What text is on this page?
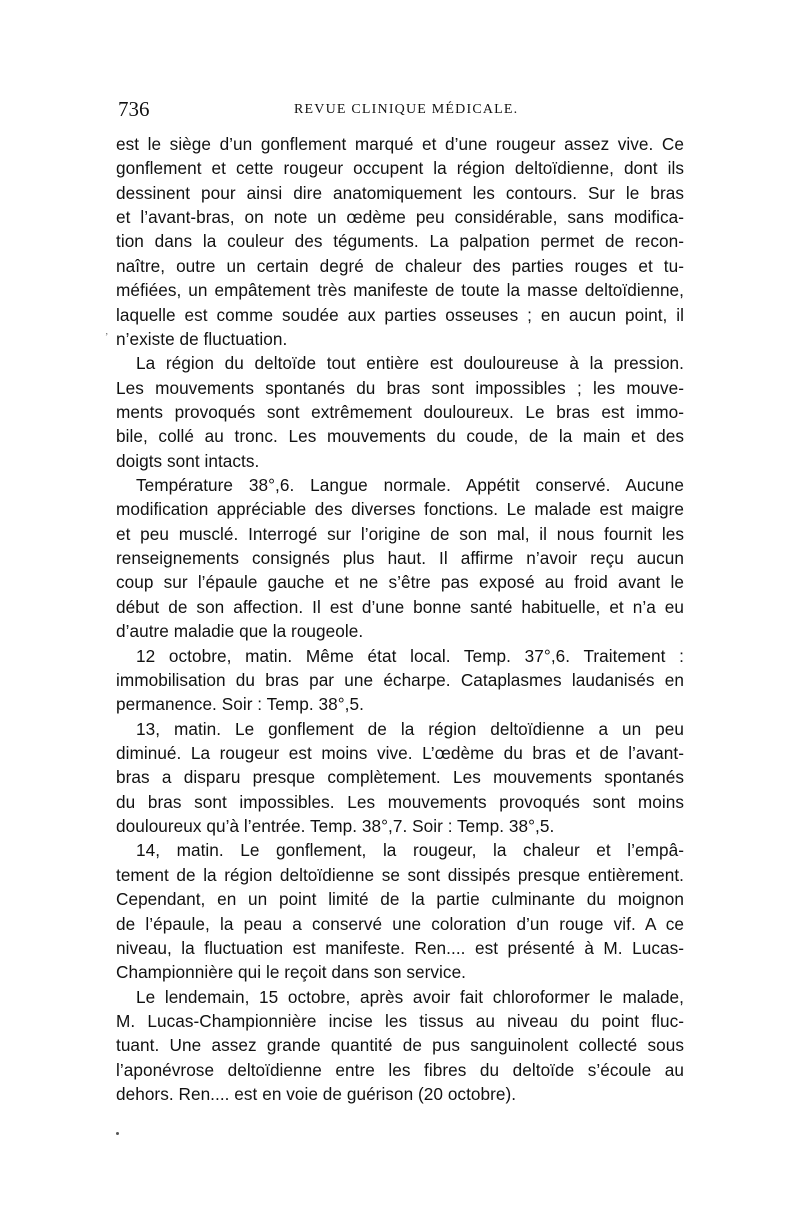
736	REVUE CLINIQUE MÉDICALE.
est le siège d’un gonflement marqué et d’une rougeur assez vive. Ce
gonflement et cette rougeur occupent la région deltoïdienne, dont ils
dessinent pour ainsi dire anatomiquement les contours. Sur le bras
et l’avant-bras, on note un œdème peu considérable, sans modifica-
tion dans la couleur des téguments. La palpation permet de recon-
naître, outre un certain degré de chaleur des parties rouges et tu-
méfiées, un empâtement très manifeste de toute la masse deltoïdienne,
laquelle est comme soudée aux parties osseuses ; en aucun point, il
n’existe de fluctuation.
La région du deltoïde tout entière est douloureuse à la pression.
Les mouvements spontanés du bras sont impossibles ; les mouve-
ments provoqués sont extrêmement douloureux. Le bras est immo-
bile, collé au tronc. Les mouvements du coude, de la main et des
doigts sont intacts.
Température 38°,6. Langue normale. Appétit conservé. Aucune
modification appréciable des diverses fonctions. Le malade est maigre
et peu musclé. Interrogé sur l’origine de son mal, il nous fournit les
renseignements consignés plus haut. Il affirme n’avoir reçu aucun
coup sur l’épaule gauche et ne s’être pas exposé au froid avant le
début de son affection. Il est d’une bonne santé habituelle, et n’a eu
d’autre maladie que la rougeole.
12 octobre, matin. Même état local. Temp. 37°,6. Traitement :
immobilisation du bras par une écharpe. Cataplasmes laudanisés en
permanence. Soir : Temp. 38°,5.
13, matin. Le gonflement de la région deltoïdienne a un peu
diminué. La rougeur est moins vive. L’œdème du bras et de l’avant-
bras a disparu presque complètement. Les mouvements spontanés
du bras sont impossibles. Les mouvements provoqués sont moins
douloureux qu’à l’entrée. Temp. 38°,7. Soir : Temp. 38°,5.
14, matin. Le gonflement, la rougeur, la chaleur et l’empâ-
tement de la région deltoïdienne se sont dissipés presque entièrement.
Cependant, en un point limité de la partie culminante du moignon
de l’épaule, la peau a conservé une coloration d’un rouge vif. A ce
niveau, la fluctuation est manifeste. Ren.... est présenté à M. Lucas-
Championnière qui le reçoit dans son service.
Le lendemain, 15 octobre, après avoir fait chloroformer le malade,
M. Lucas-Championnière incise les tissus au niveau du point fluc-
tuant. Une assez grande quantité de pus sanguinolent collecté sous
l’aponévrose deltoïdienne entre les fibres du deltoïde s’écoule au
dehors. Ren.... est en voie de guérison (20 octobre).
’
